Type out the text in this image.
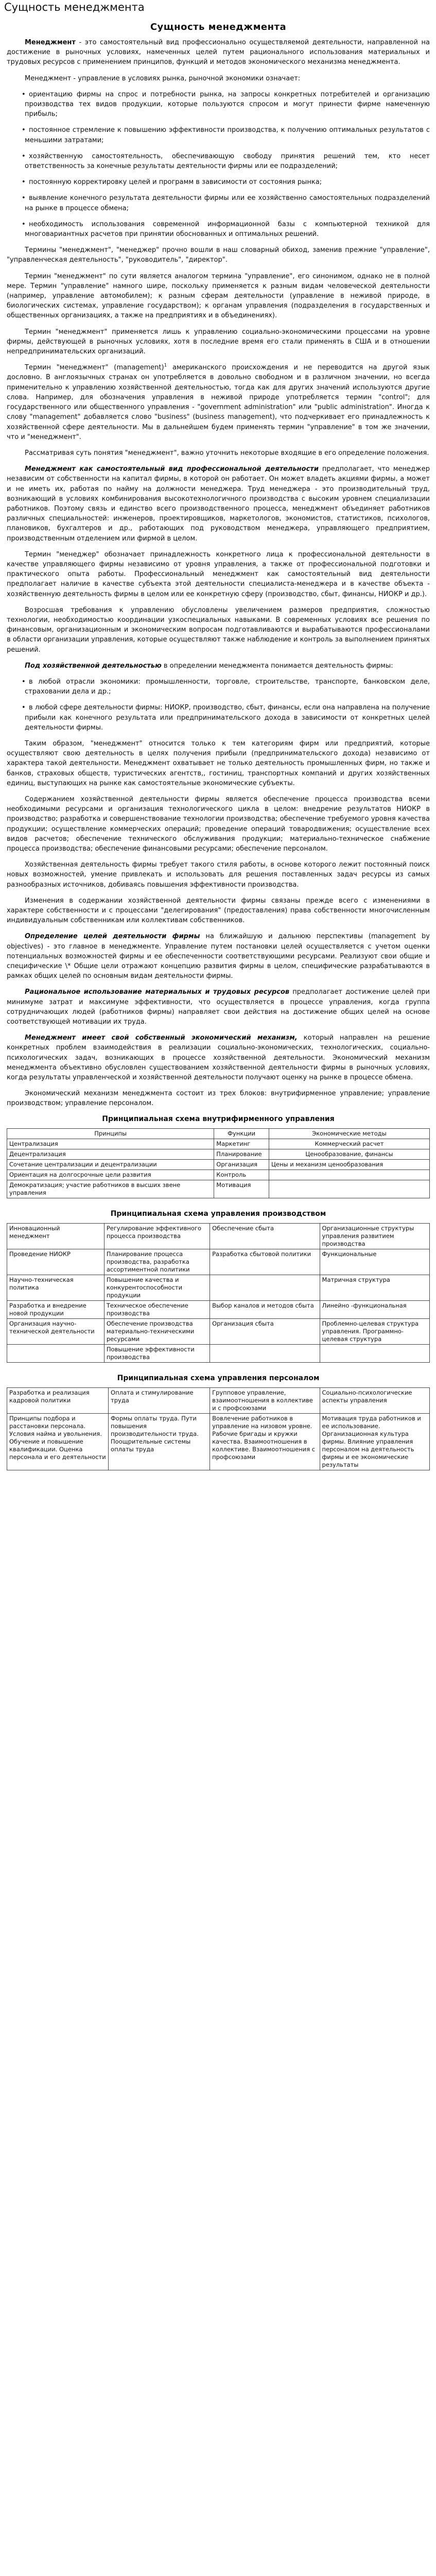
Сущность менеджмента
Сущность менеджмента

Менеджмент - это самостоятельный вид профессионально осуществляемой деятельности, направленной на достижение в рыночных условиях, намеченных целей путем рационального использования материальных и трудовых ресурсов с применением принципов, функций и методов экономического механизма менеджмента.

Менеджмент - управление в условиях рынка, рыночной экономики означает:

• ориентацию фирмы на спрос и потребности рынка, на запросы конкретных потребителей и организацию производства тех видов продукции, которые пользуются спросом и могут принести фирме намеченную прибыль;
• постоянное стремление к повышению эффективности производства, к получению оптимальных результатов с меньшими затратами;
• хозяйственную самостоятельность, обеспечивающую свободу принятия решений тем, кто несет ответственность за конечные результаты деятельности фирмы или ее подразделений;
• постоянную корректировку целей и программ в зависимости от состояния рынка;
• выявление конечного результата деятельности фирмы или ее хозяйственно самостоятельных подразделений на рынке в процессе обмена;
• необходимость использования современной информационной базы с компьютерной техникой для многовариантных расчетов при принятии обоснованных и оптимальных решений.

Термины "менеджмент", "менеджер" прочно вошли в наш словарный обиход, заменив прежние "управление", "управленческая деятельность", "руководитель", "директор".

Термин "менеджмент" по сути является аналогом термина "управление", его синонимом, однако не в полной мере. Термин "управление" намного шире, поскольку применяется к разным видам человеческой деятельности (например, управление автомобилем); к разным сферам деятельности (управление в неживой природе, в биологических системах, управление государством); к органам управления (подразделения в государственных и общественных организациях, а также на предприятиях и в объединениях).

Термин "менеджмент" применяется лишь к управлению социально-экономическими процессами на уровне фирмы, действующей в рыночных условиях, хотя в последние время его стали применять в США и в отношении непредпринимательских организаций.

Термин "менеджмент" (management)$^1$ американского происхождения и не переводится на другой язык дословно. В англоязычных странах он употребляется в довольно свободном и в различном значении, но всегда применительно к управлению хозяйственной деятельностью, тогда как для других значений используются другие слова. Например, для обозначения управления в неживой природе употребляется термин "control"; для государственного или общественного управления - "government administration" или "public administration". Иногда к слову "management" добавляется слово "business" (business management), что подчеркивает его принадлежность к хозяйственной сфере деятельности. Мы в дальнейшем будем применять термин "управление" в том же значении, что и "менеджмент".

Рассматривая суть понятия "менеджмент", важно уточнить некоторые входящие в его определение положения.

Менеджмент как самостоятельный вид профессиональной деятельности предполагает, что менеджер независим от собственности на капитал фирмы, в которой он работает. Он может владеть акциями фирмы, а может и не иметь их, работая по найму на должности менеджера. Труд менеджера - это производительный труд, возникающий в условиях комбинирования высокотехнологичного производства с высоким уровнем специализации работников. Поэтому связь и единство всего производственного процесса, менеджмент объединяет работников различных специальностей: инженеров, проектировщиков, маркетологов, экономистов, статистиков, психологов, плановиков, бухгалтеров и др., работающих под руководством менеджера, управляющего предприятием, производственным отделением или фирмой в целом.

Термин "менеджер" обозначает принадлежность конкретного лица к профессиональной деятельности в качестве управляющего фирмы независимо от уровня управления, а также от профессиональной подготовки и практического опыта работы. Профессиональный менеджмент как самостоятельный вид деятельности предполагает наличие в качестве субъекта этой деятельности специалиста-менеджера и в качестве объекта - хозяйственную деятельность фирмы в целом или ее конкретную сферу (производство, сбыт, финансы, НИОКР и др.).

Возросшая требования к управлению обусловлены увеличением размеров предприятия, сложностью технологии, необходимостью координации узкоспециальных навыками. В современных условиях все решения по финансовым, организационным и экономическим вопросам подготавливаются и вырабатываются профессионалами в области организации управления, которые осуществляют также наблюдение и контроль за выполнением принятых решений.

Под хозяйственной деятельностью в определении менеджмента понимается деятельность фирмы:

• в любой отрасли экономики: промышленности, торговле, строительстве, транспорте, банковском деле, страховании дела и др.;
• в любой сфере деятельности фирмы: НИОКР, производство, сбыт, финансы, если она направлена на получение прибыли как конечного результата или предпринимательского дохода в зависимости от конкретных целей деятельности фирмы.

Таким образом, "менеджмент" относится только к тем категориям фирм или предприятий, которые осуществляют свою деятельность в целях получения прибыли (предпринимательского дохода) независимо от характера такой деятельности. Менеджмент охватывает не только деятельность промышленных фирм, но также и банков, страховых обществ, туристических агентств,, гостиниц, транспортных компаний и других хозяйственных единиц, выступающих на рынке как самостоятельные экономические субъекты.

Содержанием хозяйственной деятельности фирмы является обеспечение процесса производства всеми необходимыми ресурсами и организация технологического цикла в целом: внедрение результатов НИОКР в производство; разработка и совершенствование технологии производства; обеспечение требуемого уровня качества продукции; осуществление коммерческих операций; проведение операций товародвижения; осуществление всех видов расчетов; обеспечение технического обслуживания продукции; материально-техническое снабжение процесса производства; обеспечение финансовыми ресурсами; обеспечение персоналом.

Хозяйственная деятельность фирмы требует такого стиля работы, в основе которого лежит постоянный поиск новых возможностей, умение привлекать и использовать для решения поставленных задач ресурсы из самых разнообразных источников, добиваясь повышения эффективности производства.

Изменения в содержании хозяйственной деятельности фирмы связаны прежде всего с изменениями в характере собственности и с процессами "делегирования" (предоставления) права собственности многочисленным индивидуальным собственникам или коллективам собственников.

Определение целей деятельности фирмы на ближайшую и дальнюю перспективы (management by objectives) - это главное в менеджменте. Управление путем постановки целей осуществляется с учетом оценки потенциальных возможностей фирмы и ее обеспеченности соответствующими ресурсами. Реализуют свои общие и специфические \* Общие цели отражают концепцию развития фирмы в целом, специфические разрабатываются в рамках общих целей по основным видам деятельности фирмы.

Рациональное использование материальных и трудовых ресурсов предполагает достижение целей при минимуме затрат и максимуме эффективности, что осуществляется в процессе управления, когда группа сотрудничающих людей (работников фирмы) направляет свои действия на достижение общих целей на основе соответствующей мотивации их труда.

Менеджмент имеет свой собственный экономический механизм, который направлен на решение конкретных проблем взаимодействия в реализации социально-экономических, технологических, социально-психологических задач, возникающих в процессе хозяйственной деятельности. Экономический механизм менеджмента объективно обусловлен существованием хозяйственной деятельности фирмы в рыночных условиях, когда результаты управленческой и хозяйственной деятельности получают оценку на рынке в процессе обмена.

Экономический механизм менеджмента состоит из трех блоков: внутрифирменное управление; управление производством; управление персоналом.

Принципиальная схема внутрифирменного управления
Принципы	Функции	Экономические методы
Централизация	Маркетинг	Коммерческий расчет
Децентрализация	Планирование	Ценообразование, финансы
Сочетание централизации и децентрализации	Организация	Цены и механизм ценообразования
Ориентация на долгосрочные цели развития	Контроль	
Демократизация; участие работников в высших звене управления	Мотивация	
Принципиальная схема управления производством
Инновационный менеджмент	Регулирование эффективного процесса производства	Обеспечение сбыта	Организационные структуры управления развитием производства
Проведение НИОКР	Планирование процесса производства, разработка ассортиментной политики	Разработка сбытовой политики	Функциональные
Научно-техническая политика	Повышение качества и конкурентоспособности продукции		Матричная структура
Разработка и внедрение новой продукции	Техническое обеспечение производства	Выбор каналов и методов сбыта	Линейно -функциональная
Организация научно-технической деятельности	Обеспечение производства материально-техническими ресурсами	Организация сбыта	Проблемно-целевая структура управления. Программно-целевая структура
	Повышение эффективности производства		
Принципиальная схема управления персоналом
Разработка и реализация кадровой политики	Оплата и стимулирование труда	Групповое управление, взаимоотношения в коллективе и с профсоюзами	Социально-психологические аспекты управления
Принципы подбора и расстановки персонала. Условия найма и увольнения. Обучение и повышение квалификации. Оценка персонала и его деятельности	Формы оплаты труда. Пути повышения производительности труда. Поощрительные системы оплаты труда	Вовлечение работников в управление на низовом уровне. Рабочие бригады и кружки качества. Взаимоотношения в коллективе. Взаимоотношения с профсоюзами	Мотивация труда работников и ее использование. Организационная культура фирмы. Влияние управления персоналом на деятельность фирмы и ее экономические результаты
